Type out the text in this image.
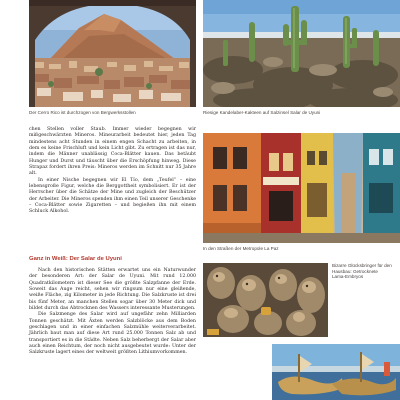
Der Cerro Rico ist durchzogen von Bergwerksstollen	Riesige Kandelaber-Kakteen auf Salzinsel Salar de Uyuni

chen Stellen voller Staub. Immer wieder begegnen wir mißgeschwärzten Mineros. Mineurarbeit bedeutet hier, jeden Tag mindestens acht Stunden in einem engen Schacht zu arbeiten, in dem es keine Frischluft und kein Licht gibt. Zu ertragen ist das nur, indem die Männer unablässig Coca-Blätter kauen. Das betäubt Hunger und Durst und täuscht über die Erschöpfung hinweg. Diese Strapaz fordert ihren Preis: Mineros werden im Schnitt nur 35 Jahre alt.

In einer Nische begegnen wir El Tío, dem „Teufel“ – eine lebensgroße Figur, welche die Berggottheit symbolisiert. Er ist der Herrscher über die Schätze der Mine und zugleich der Beschützer der Arbeiter. Die Mineros spenden ihm einen Teil unserer Geschenke – Coca-Blätter sowie Zigaretten – und begießen ihn mit einem Schluck Alkohol.

In den Straßen der Metropole La Paz
Ganz in Weiß: Der Salar de Uyuni

Nach den historischen Stätten erwartet uns ein Naturwunder der besonderen Art: der Salar de Uyuni. Mit rund 12.000 Quadratkilometern ist dieser See die größte Salzpfanne der Erde. Soweit das Auge reicht, sehen wir ringsum nur eine gleißende, weiße Fläche, zig Kilometer in jede Richtung. Die Salzkruste ist drei bis fünf Meter, an manchen Stellen sogar über 30 Meter dick und bildet durch das Abtrocknen des Wassers interessante Musterungen.

Die Salzmenge des Salar wird auf ungefähr zehn Milliarden Tonnen geschätzt. Mit Äxten werden Salzblöcke aus dem Boden geschlagen und in einer einfachen Salzmühle weiterverarbeitet. Jährlich baut man auf diese Art rund 25.000 Tonnen Salz ab und transportiert es in die Städte. Neben Salz beherbergt der Salar aber auch einen Reichtum, der noch nicht ausgebeutet wurde: Unter der Salzkruste lagert eines der weltweit größten Lithiumvorkommen.

Bizarre Glücksbringer für den Hausbau: Getrocknete Lama-Embryos
